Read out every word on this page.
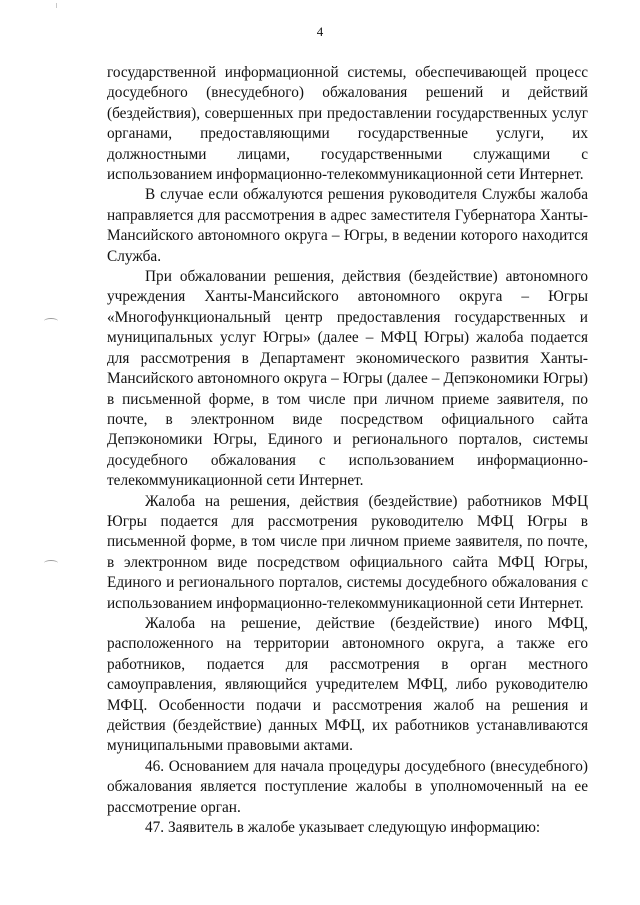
4

государственной информационной системы, обеспечивающей процесс досудебного (внесудебного) обжалования решений и действий (бездействия), совершенных при предоставлении государственных услуг органами, предоставляющими государственные услуги, их должностными лицами, государственными служащими с использованием информационно-телекоммуникационной сети Интернет.

В случае если обжалуются решения руководителя Службы жалоба направляется для рассмотрения в адрес заместителя Губернатора Ханты-Мансийского автономного округа – Югры, в ведении которого находится Служба.

При обжаловании решения, действия (бездействие) автономного учреждения Ханты-Мансийского автономного округа – Югры «Многофункциональный центр предоставления государственных и муниципальных услуг Югры» (далее – МФЦ Югры) жалоба подается для рассмотрения в Департамент экономического развития Ханты-Мансийского автономного округа – Югры (далее – Депэкономики Югры) в письменной форме, в том числе при личном приеме заявителя, по почте, в электронном виде посредством официального сайта Депэкономики Югры, Единого и регионального порталов, системы досудебного обжалования с использованием информационно-телекоммуникационной сети Интернет.

Жалоба на решения, действия (бездействие) работников МФЦ Югры подается для рассмотрения руководителю МФЦ Югры в письменной форме, в том числе при личном приеме заявителя, по почте, в электронном виде посредством официального сайта МФЦ Югры, Единого и регионального порталов, системы досудебного обжалования с использованием информационно-телекоммуникационной сети Интернет.

Жалоба на решение, действие (бездействие) иного МФЦ, расположенного на территории автономного округа, а также его работников, подается для рассмотрения в орган местного самоуправления, являющийся учредителем МФЦ, либо руководителю МФЦ. Особенности подачи и рассмотрения жалоб на решения и действия (бездействие) данных МФЦ, их работников устанавливаются муниципальными правовыми актами.

46. Основанием для начала процедуры досудебного (внесудебного) обжалования является поступление жалобы в уполномоченный на ее рассмотрение орган.

47. Заявитель в жалобе указывает следующую информацию:
